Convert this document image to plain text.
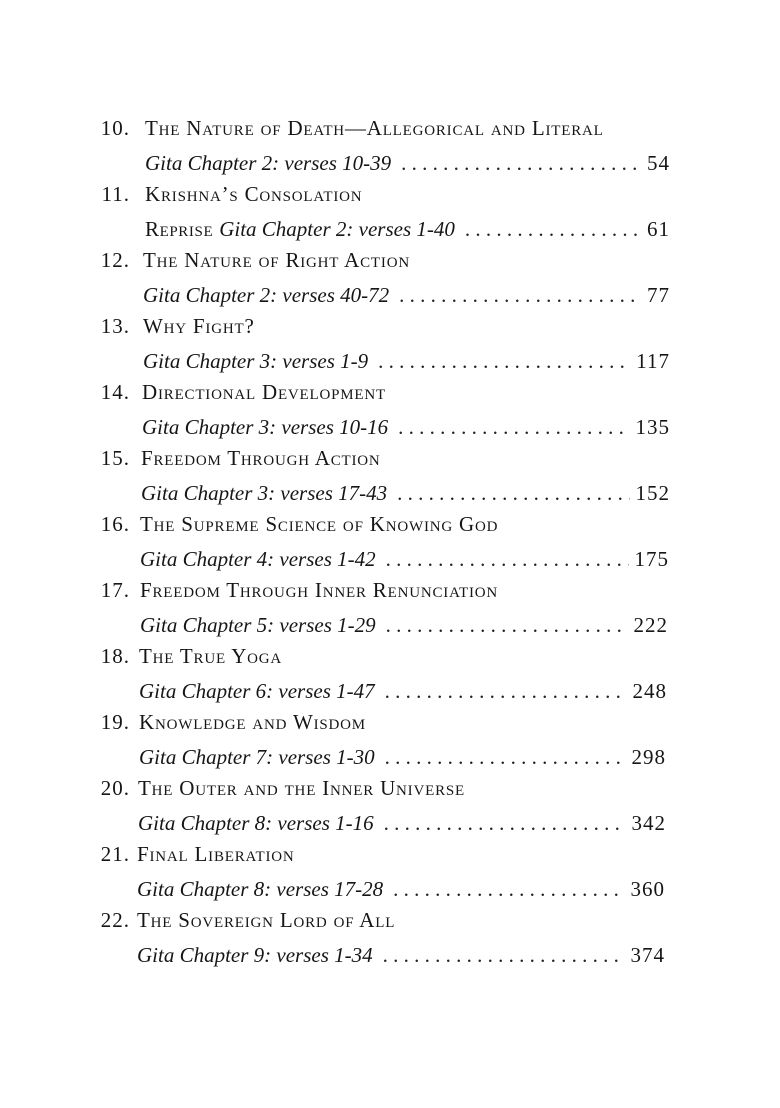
10. The Nature of Death—Allegorical and Literal
Gita Chapter 2: verses 10-39 . . .	54
11. Krishna’s Consolation
Reprise Gita Chapter 2: verses 1-40 . . .	61
12. The Nature of Right Action
Gita Chapter 2: verses 40-72 . . .	77
13. Why Fight?
Gita Chapter 3: verses 1-9 . . .	117
14. Directional Development
Gita Chapter 3: verses 10-16 . . .	135
15. Freedom Through Action
Gita Chapter 3: verses 17-43 . . .	152
16. The Supreme Science of Knowing God
Gita Chapter 4: verses 1-42 . . .	175
17. Freedom Through Inner Renunciation
Gita Chapter 5: verses 1-29 . . .	222
18. The True Yoga
Gita Chapter 6: verses 1-47 . . .	248
19. Knowledge and Wisdom
Gita Chapter 7: verses 1-30 . . .	298
20. The Outer and the Inner Universe
Gita Chapter 8: verses 1-16 . . .	342
21. Final Liberation
Gita Chapter 8: verses 17-28 . . .	360
22. The Sovereign Lord of All
Gita Chapter 9: verses 1-34 . . .	374
